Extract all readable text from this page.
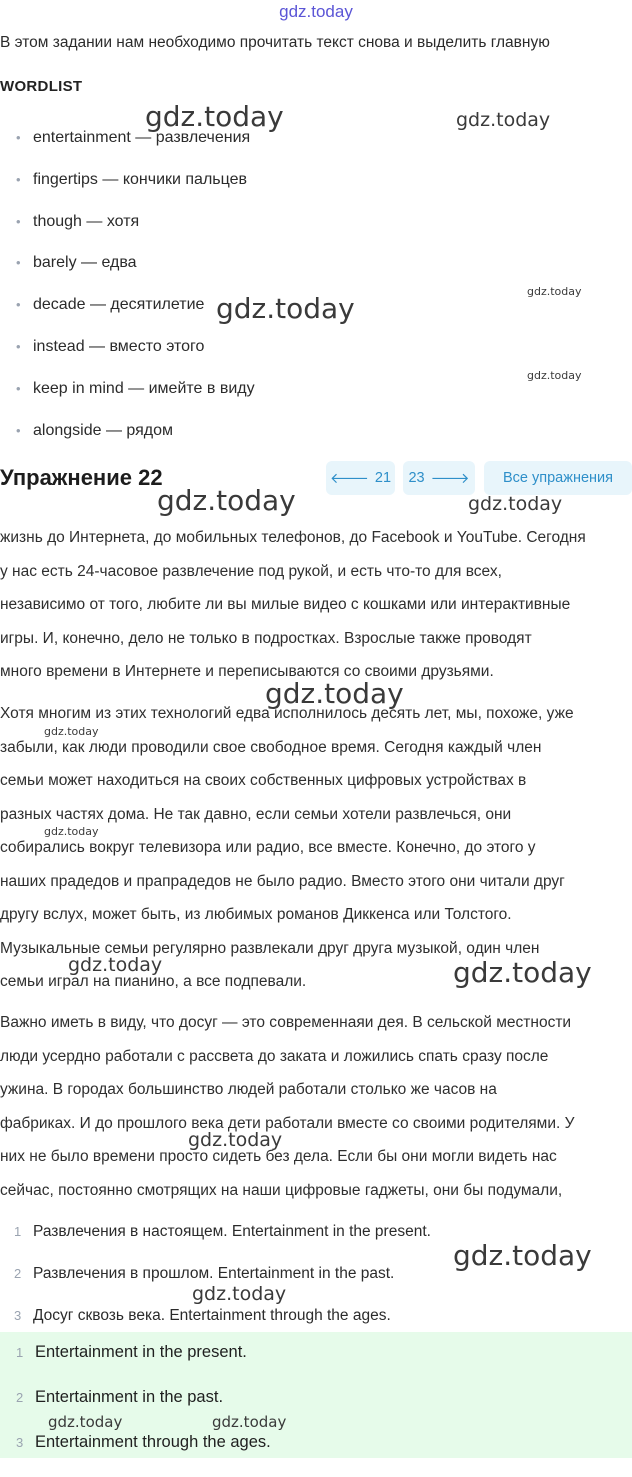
gdz.today
В этом задании нам необходимо прочитать текст снова и выделить главную
WORDLIST
• entertainment — развлечения
• fingertips — кончики пальцев
• though — хотя
• barely — едва
• decade — десятилетие
• instead — вместо этого
• keep in mind — имейте в виду
• alongside — рядом
Упражнение 22	🡐 21 23 🡒 Все упражнения
жизнь до Интернета, до мобильных телефонов, до Facebook и YouTube. Сегодня
у нас есть 24-часовое развлечение под рукой, и есть что-то для всех,
независимо от того, любите ли вы милые видео с кошками или интерактивные
игры. И, конечно, дело не только в подростках. Взрослые также проводят
много времени в Интернете и переписываются со своими друзьями.
Хотя многим из этих технологий едва исполнилось десять лет, мы, похоже, уже
забыли, как люди проводили свое свободное время. Сегодня каждый член
семьи может находиться на своих собственных цифровых устройствах в
разных частях дома. Не так давно, если семьи хотели развлечься, они
собирались вокруг телевизора или радио, все вместе. Конечно, до этого у
наших прадедов и прапрадедов не было радио. Вместо этого они читали друг
другу вслух, может быть, из любимых романов Диккенса или Толстого.
Музыкальные семьи регулярно развлекали друг друга музыкой, один член
семьи играл на пианино, а все подпевали.
Важно иметь в виду, что досуг — это современнаяи дея. В сельской местности
люди усердно работали с рассвета до заката и ложились спать сразу после
ужина. В городах большинство людей работали столько же часов на
фабриках. И до прошлого века дети работали вместе со своими родителями. У
них не было времени просто сидеть без дела. Если бы они могли видеть нас
сейчас, постоянно смотрящих на наши цифровые гаджеты, они бы подумали,
1 Развлечения в настоящем. Entertainment in the present.
2 Развлечения в прошлом. Entertainment in the past.
3 Досуг сквозь века. Entertainment through the ages.
1 Entertainment in the present.
2 Entertainment in the past.
3 Entertainment through the ages.
gdz.today	gdz.today
gdz.today
gdz.today
gdz.today
gdz.today	gdz.today
gdz.today
gdz.today
gdz.today
gdz.today	gdz.today
gdz.today
gdz.today
gdz.today
gdz.today	gdz.today
